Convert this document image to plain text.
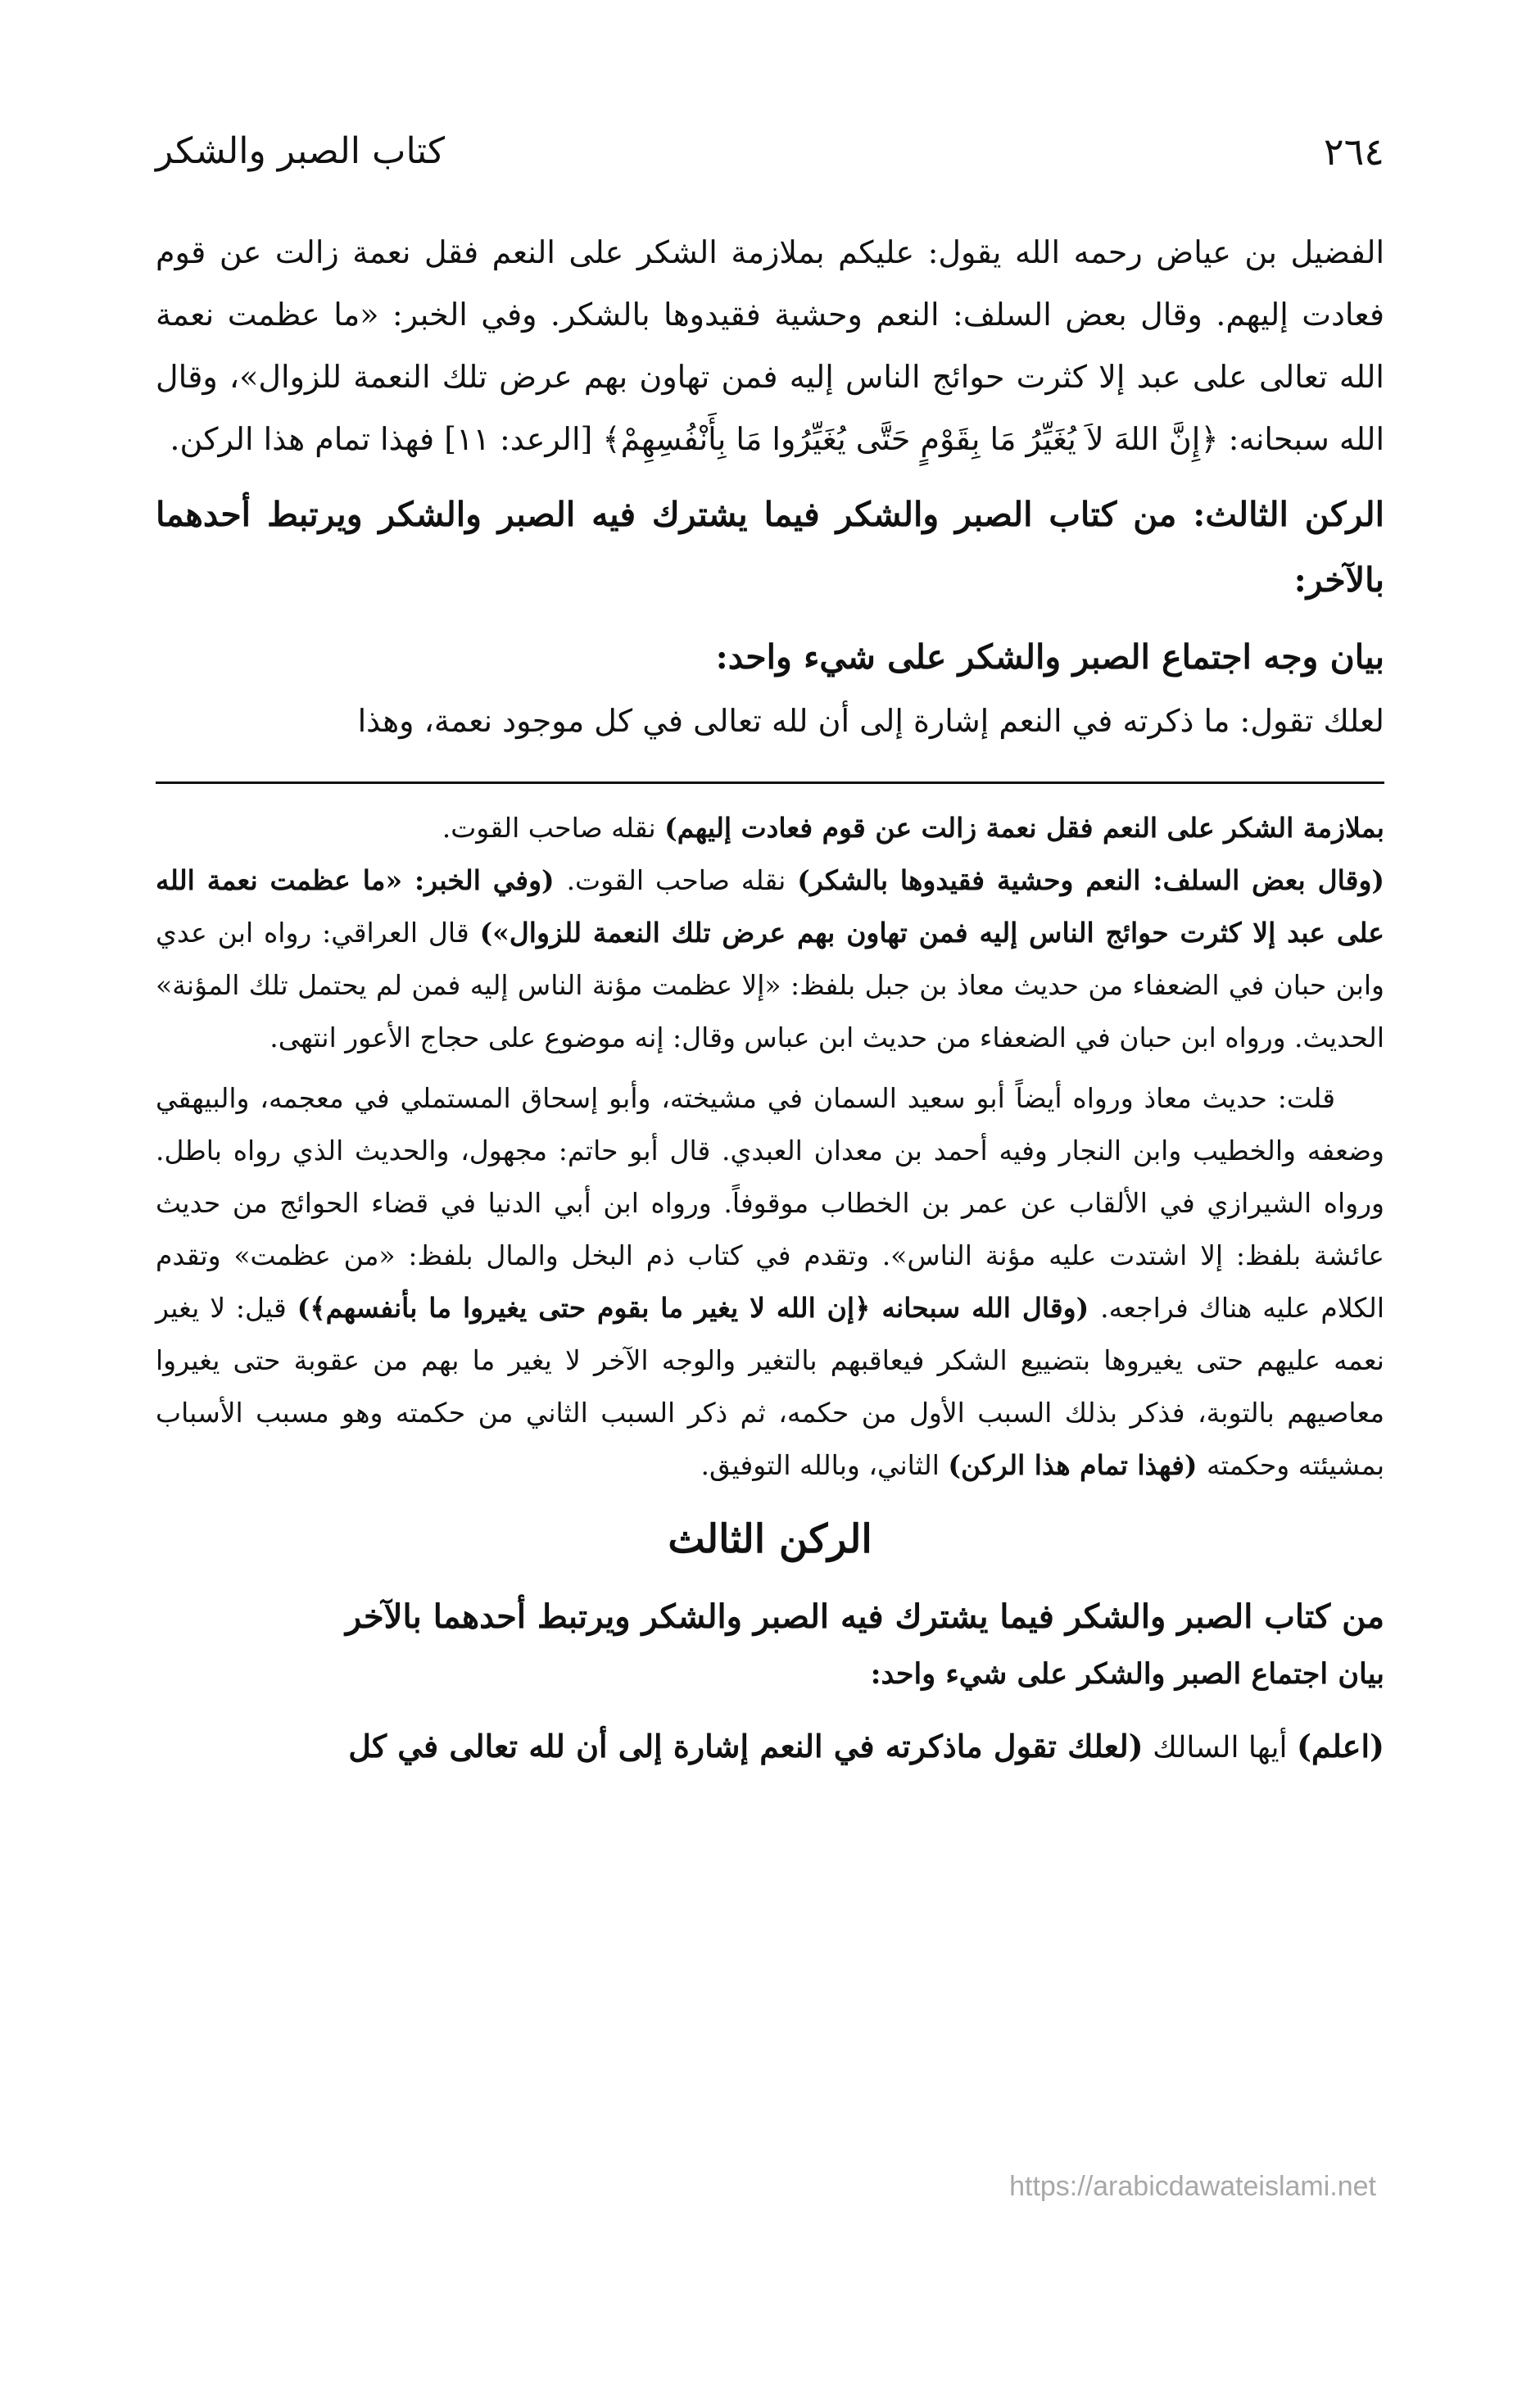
٢٦٤
كتاب الصبر والشكر

الفضيل بن عياض رحمه الله يقول: عليكم بملازمة الشكر على النعم فقل نعمة زالت عن قوم فعادت إليهم. وقال بعض السلف: النعم وحشية فقيدوها بالشكر. وفي الخبر: «ما عظمت نعمة الله تعالى على عبد إلا كثرت حوائج الناس إليه فمن تهاون بهم عرض تلك النعمة للزوال»، وقال الله سبحانه: ﴿إِنَّ اللهَ لاَ يُغَيِّرُ مَا بِقَوْمٍ حَتَّى يُغَيِّرُوا مَا بِأَنْفُسِهِمْ﴾ [الرعد: ١١] فهذا تمام هذا الركن.

الركن الثالث: من كتاب الصبر والشكر فيما يشترك فيه الصبر والشكر ويرتبط أحدهما بالآخر:

بيان وجه اجتماع الصبر والشكر على شيء واحد:

لعلك تقول: ما ذكرته في النعم إشارة إلى أن لله تعالى في كل موجود نعمة، وهذا

بملازمة الشكر على النعم فقل نعمة زالت عن قوم فعادت إليهم) نقله صاحب القوت.

(وقال بعض السلف: النعم وحشية فقيدوها بالشكر) نقله صاحب القوت. (وفي الخبر: «ما عظمت نعمة الله على عبد إلا كثرت حوائج الناس إليه فمن تهاون بهم عرض تلك النعمة للزوال») قال العراقي: رواه ابن عدي وابن حبان في الضعفاء من حديث معاذ بن جبل بلفظ: «إلا عظمت مؤنة الناس إليه فمن لم يحتمل تلك المؤنة» الحديث. ورواه ابن حبان في الضعفاء من حديث ابن عباس وقال: إنه موضوع على حجاج الأعور انتهى.

قلت: حديث معاذ ورواه أيضاً أبو سعيد السمان في مشيخته، وأبو إسحاق المستملي في معجمه، والبيهقي وضعفه والخطيب وابن النجار وفيه أحمد بن معدان العبدي. قال أبو حاتم: مجهول، والحديث الذي رواه باطل. ورواه الشيرازي في الألقاب عن عمر بن الخطاب موقوفاً. ورواه ابن أبي الدنيا في قضاء الحوائج من حديث عائشة بلفظ: إلا اشتدت عليه مؤنة الناس». وتقدم في كتاب ذم البخل والمال بلفظ: «من عظمت» وتقدم الكلام عليه هناك فراجعه. (وقال الله سبحانه ﴿إن الله لا يغير ما بقوم حتى يغيروا ما بأنفسهم﴾) قيل: لا يغير نعمه عليهم حتى يغيروها بتضييع الشكر فيعاقبهم بالتغير والوجه الآخر لا يغير ما بهم من عقوبة حتى يغيروا معاصيهم بالتوبة، فذكر بذلك السبب الأول من حكمه، ثم ذكر السبب الثاني من حكمته وهو مسبب الأسباب بمشيئته وحكمته (فهذا تمام هذا الركن) الثاني، وبالله التوفيق.

الركن الثالث

من كتاب الصبر والشكر فيما يشترك فيه الصبر والشكر ويرتبط أحدهما بالآخر

بيان اجتماع الصبر والشكر على شيء واحد:

(اعلم) أيها السالك (لعلك تقول ماذكرته في النعم إشارة إلى أن لله تعالى في كل

https://arabicdawateislami.net
